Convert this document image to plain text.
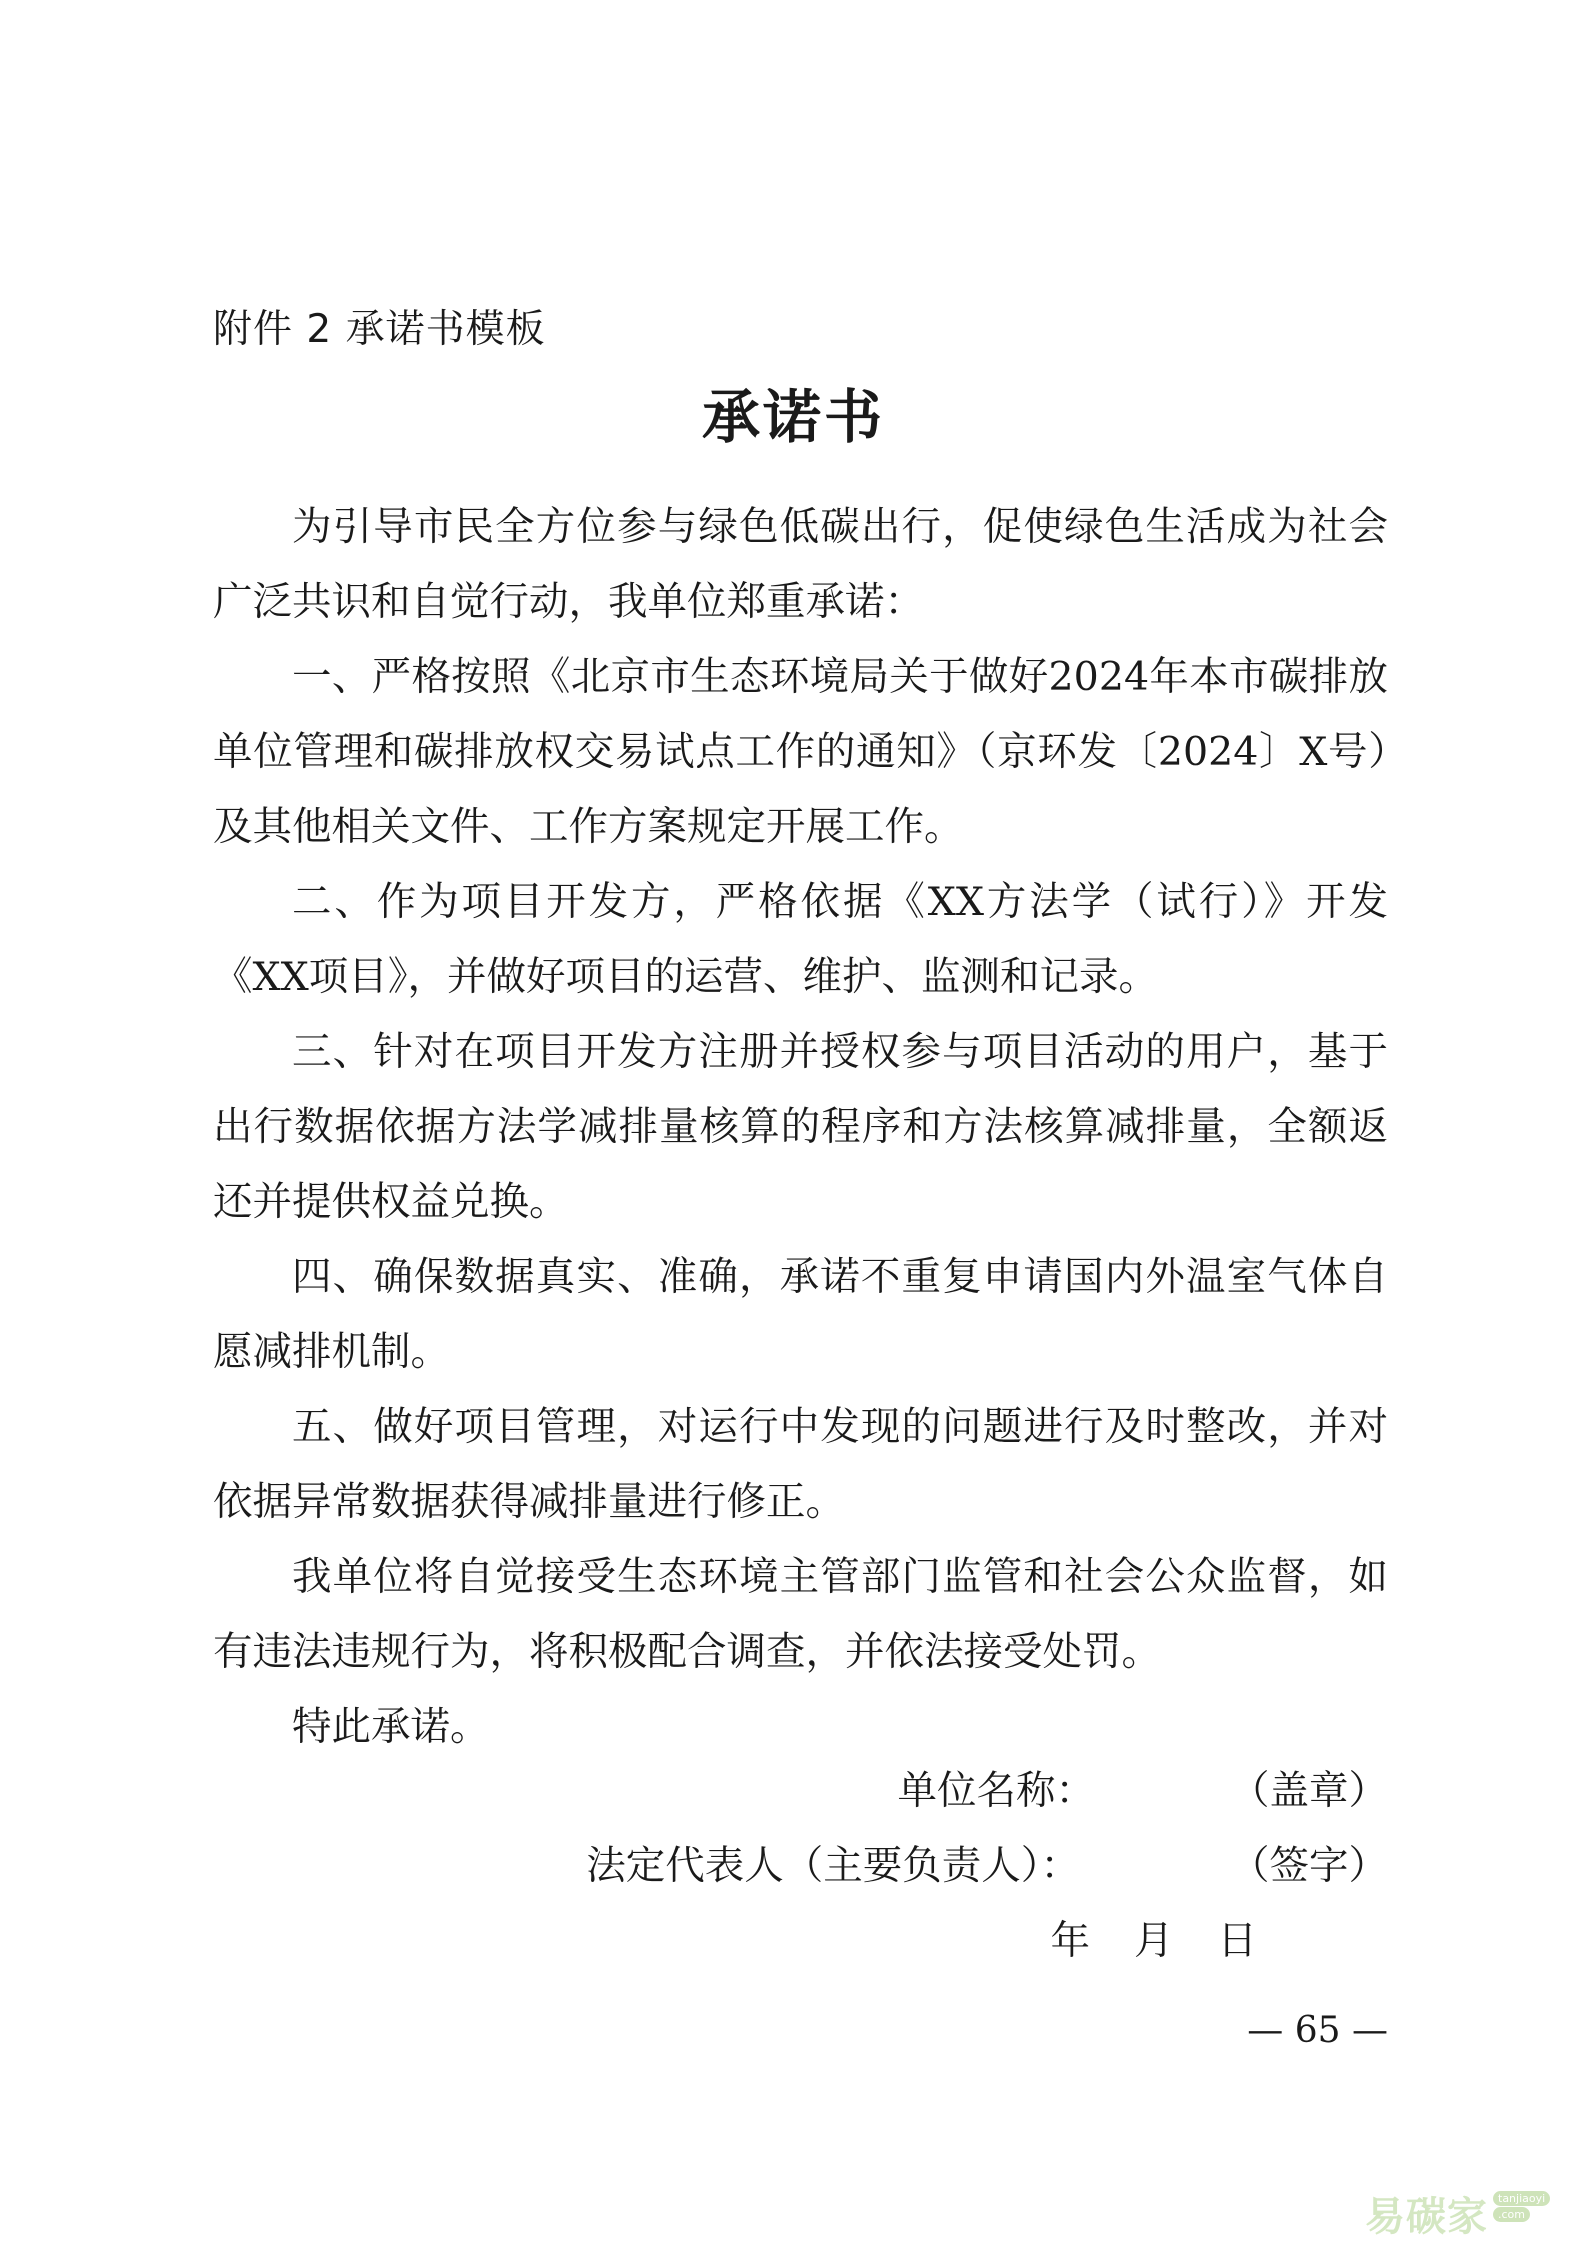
附件 2 承诺书模板
承诺书

为引导市民全方位参与绿色低碳出行，促使绿色生活成为社会广泛共识和自觉行动，我单位郑重承诺：

一、严格按照《北京市生态环境局关于做好2024年本市碳排放单位管理和碳排放权交易试点工作的通知》（京环发〔2024〕X号）及其他相关文件、工作方案规定开展工作。

二、作为项目开发方，严格依据《XX方法学（试行）》开发《XX项目》，并做好项目的运营、维护、监测和记录。

三、针对在项目开发方注册并授权参与项目活动的用户，基于出行数据依据方法学减排量核算的程序和方法核算减排量，全额返还并提供权益兑换。

四、确保数据真实、准确，承诺不重复申请国内外温室气体自愿减排机制。

五、做好项目管理，对运行中发现的问题进行及时整改，并对依据异常数据获得减排量进行修正。

我单位将自觉接受生态环境主管部门监管和社会公众监督，如有违法违规行为，将积极配合调查，并依法接受处罚。

特此承诺。

单位名称：	（盖章）
法定代表人（主要负责人）：	（签字）
年 月 日
— 65 —
易碳家 tanjiaoyi
.com
